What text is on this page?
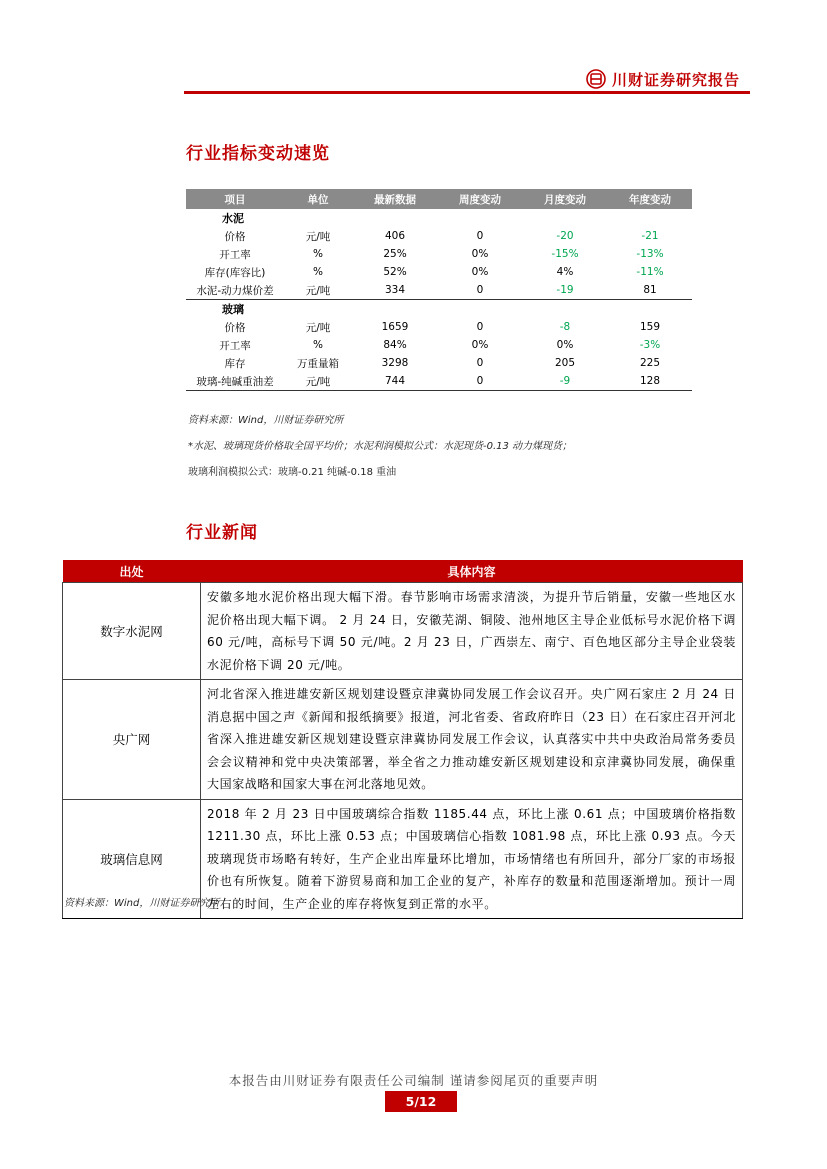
川财证券研究报告
行业指标变动速览
项目	单位	最新数据	周度变动	月度变动	年度变动
水泥					
价格	元/吨	406	0	-20	-21
开工率	%	25%	0%	-15%	-13%
库存(库容比)	%	52%	0%	4%	-11%
水泥-动力煤价差	元/吨	334	0	-19	81
玻璃					
价格	元/吨	1659	0	-8	159
开工率	%	84%	0%	0%	-3%
库存	万重量箱	3298	0	205	225
玻璃-纯碱重油差	元/吨	744	0	-9	128
资料来源：Wind，川财证券研究所
*水泥、玻璃现货价格取全国平均价；水泥利润模拟公式：水泥现货-0.13 动力煤现货；
玻璃利润模拟公式：玻璃-0.21 纯碱-0.18 重油
行业新闻
出处	具体内容
数字水泥网	安徽多地水泥价格出现大幅下滑。春节影响市场需求清淡，为提升节后销量，安徽一些地区水泥价格出现大幅下调。 2 月 24 日，安徽芜湖、铜陵、池州地区主导企业低标号水泥价格下调 60 元/吨，高标号下调 50 元/吨。2 月 23 日，广西崇左、南宁、百色地区部分主导企业袋装水泥价格下调 20 元/吨。
央广网	河北省深入推进雄安新区规划建设暨京津冀协同发展工作会议召开。央广网石家庄 2 月 24 日消息据中国之声《新闻和报纸摘要》报道，河北省委、省政府昨日（23 日）在石家庄召开河北省深入推进雄安新区规划建设暨京津冀协同发展工作会议，认真落实中共中央政治局常务委员会会议精神和党中央决策部署，举全省之力推动雄安新区规划建设和京津冀协同发展，确保重大国家战略和国家大事在河北落地见效。
玻璃信息网	2018 年 2 月 23 日中国玻璃综合指数 1185.44 点，环比上涨 0.61 点；中国玻璃价格指数 1211.30 点，环比上涨 0.53 点；中国玻璃信心指数 1081.98 点，环比上涨 0.93 点。今天玻璃现货市场略有转好，生产企业出库量环比增加，市场情绪也有所回升，部分厂家的市场报价也有所恢复。随着下游贸易商和加工企业的复产，补库存的数量和范围逐渐增加。预计一周左右的时间，生产企业的库存将恢复到正常的水平。
资料来源：Wind，川财证券研究所
本报告由川财证券有限责任公司编制 谨请参阅尾页的重要声明
5/12
